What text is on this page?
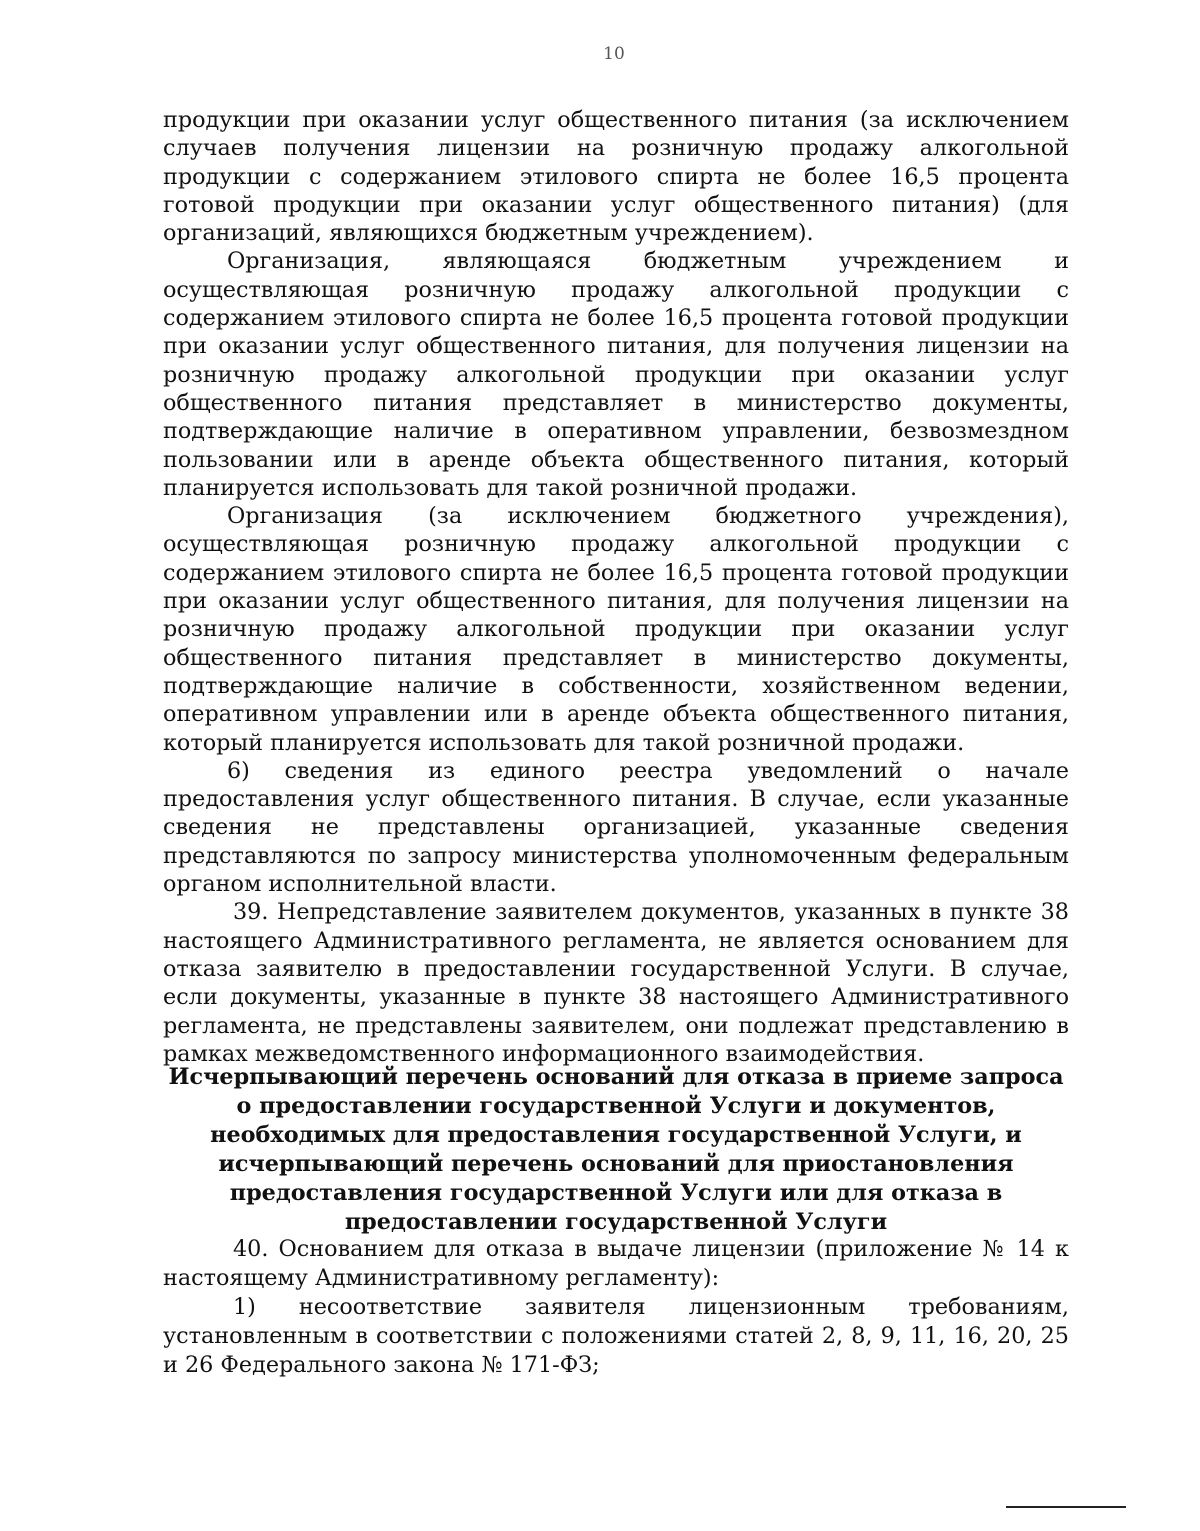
10

продукции при оказании услуг общественного питания (за исключением случаев получения лицензии на розничную продажу алкогольной продукции с содержанием этилового спирта не более 16,5 процента готовой продукции при оказании услуг общественного питания) (для организаций, являющихся бюджетным учреждением).

Организация, являющаяся бюджетным учреждением и осуществляющая розничную продажу алкогольной продукции с содержанием этилового спирта не более 16,5 процента готовой продукции при оказании услуг общественного питания, для получения лицензии на розничную продажу алкогольной продукции при оказании услуг общественного питания представляет в министерство документы, подтверждающие наличие в оперативном управлении, безвозмездном пользовании или в аренде объекта общественного питания, который планируется использовать для такой розничной продажи.

Организация (за исключением бюджетного учреждения), осуществляющая розничную продажу алкогольной продукции с содержанием этилового спирта не более 16,5 процента готовой продукции при оказании услуг общественного питания, для получения лицензии на розничную продажу алкогольной продукции при оказании услуг общественного питания представляет в министерство документы, подтверждающие наличие в собственности, хозяйственном ведении, оперативном управлении или в аренде объекта общественного питания, который планируется использовать для такой розничной продажи.

6) сведения из единого реестра уведомлений о начале предоставления услуг общественного питания. В случае, если указанные сведения не представлены организацией, указанные сведения представляются по запросу министерства уполномоченным федеральным органом исполнительной власти.

39. Непредставление заявителем документов, указанных в пункте 38 настоящего Административного регламента, не является основанием для отказа заявителю в предоставлении государственной Услуги. В случае, если документы, указанные в пункте 38 настоящего Административного регламента, не представлены заявителем, они подлежат представлению в рамках межведомственного информационного взаимодействия.

Исчерпывающий перечень оснований для отказа в приеме запроса о предоставлении государственной Услуги и документов, необходимых для предоставления государственной Услуги, и исчерпывающий перечень оснований для приостановления предоставления государственной Услуги или для отказа в предоставлении государственной Услуги

40. Основанием для отказа в выдаче лицензии (приложение № 14 к настоящему Административному регламенту):

1) несоответствие заявителя лицензионным требованиям, установленным в соответствии с положениями статей 2, 8, 9, 11, 16, 20, 25 и 26 Федерального закона № 171-ФЗ;
